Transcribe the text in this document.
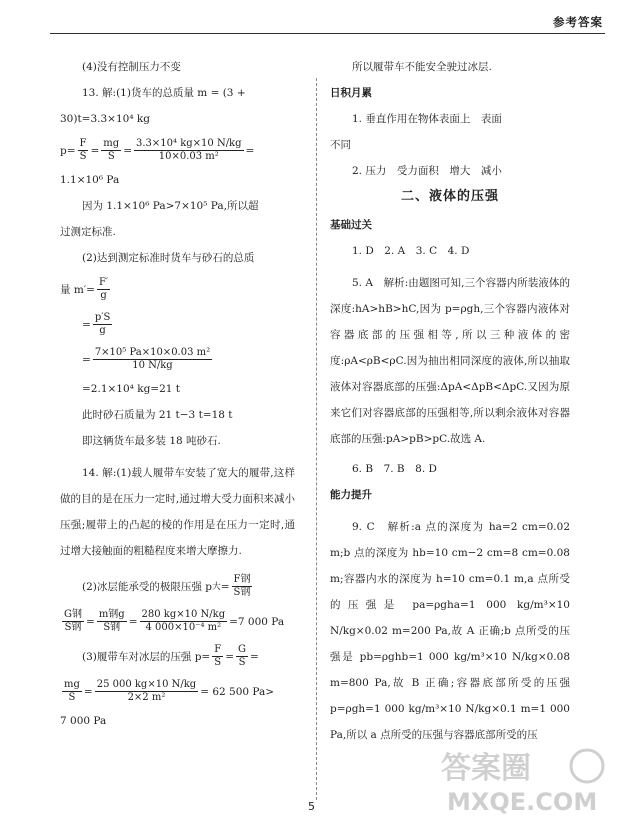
参考答案

(4)没有控制压力不变

13. 解:(1)货车的总质量 m = (3 +

30)t=3.3×10⁴ kg

$p= \frac{F}{S} = \frac{mg}{S} = \frac{\text{3.3×10⁴ kg×10 N/kg}}{\text{10×0.03 m²}}$ =

1.1×10⁶ Pa

因为 1.1×10⁶ Pa>7×10⁵ Pa,所以超

过测定标准.

(2)达到测定标准时货车与砂石的总质

量 $m'= \frac{F'}{g}$
= $\frac{p'S}{g}$
= $\frac{\text{7×10⁵ Pa×10×0.03 m²}}{10 N/kg}$

=2.1×10⁴ kg=21 t

此时砂石质量为 21 t−3 t=18 t

即这辆货车最多装 18 吨砂石.

14. 解:(1)载人履带车安装了宽大的履带,这样做的目的是在压力一定时,通过增大受力面积来减小压强;履带上的凸起的棱的作用是在压力一定时,通过增大接触面的粗糙程度来增大摩擦力.

(2)冰层能承受的极限压强 p 大 = $\frac{\text{F钢}}{\text{S钢}}$
$\frac{\text{G钢}}{\text{S钢}} = \frac{\text{m钢g}}{\text{S钢}} = \frac{280 kg\times 10 N/kg}{\text{4 000×10⁻⁴ m²}} =7$ 000 Pa
(3)履带车对冰层的压强 $p= \frac{F}{S} = \frac{G}{S}$ =
$\frac{mg}{S} = \frac{25 000 kg\times 10 N/kg}{\text{2×2 m²}} = 62$ 500 Pa>

7 000 Pa

所以履带车不能安全驶过冰层.

日积月累

1. 垂直作用在物体表面上　表面

不同

2. 压力　受力面积　增大　减小

二、液体的压强

基础过关

1. D　2. A　3. C　4. D

5. A　解析:由题图可知,三个容器内所装液体的深度:hA>hB>hC,因为 p=ρgh,三个容器内液体对容器底部的压强相等,所以三种液体的密度:ρA<ρB<ρC.因为抽出相同深度的液体,所以抽取液体对容器底部的压强:ΔpA<ΔpB<ΔpC.又因为原来它们对容器底部的压强相等,所以剩余液体对容器底部的压强:pA>pB>pC.故选 A.

6. B　7. B　8. D

能力提升

9. C　解析:a 点的深度为 ha=2 cm=0.02 m;b 点的深度为 hb=10 cm−2 cm=8 cm=0.08 m;容器内水的深度为 h=10 cm=0.1 m,a 点所受的压强是 pa=ρgha=1 000 kg/m³×10 N/kg×0.02 m=200 Pa,故 A 正确;b 点所受的压强是 pb=ρghb=1 000 kg/m³×10 N/kg×0.08 m=800 Pa,故 B 正确;容器底部所受的压强 p=ρgh=1 000 kg/m³×10 N/kg×0.1 m=1 000 Pa,所以 a 点所受的压强与容器底部所受的压

5
答案圈
MXQE.COM
